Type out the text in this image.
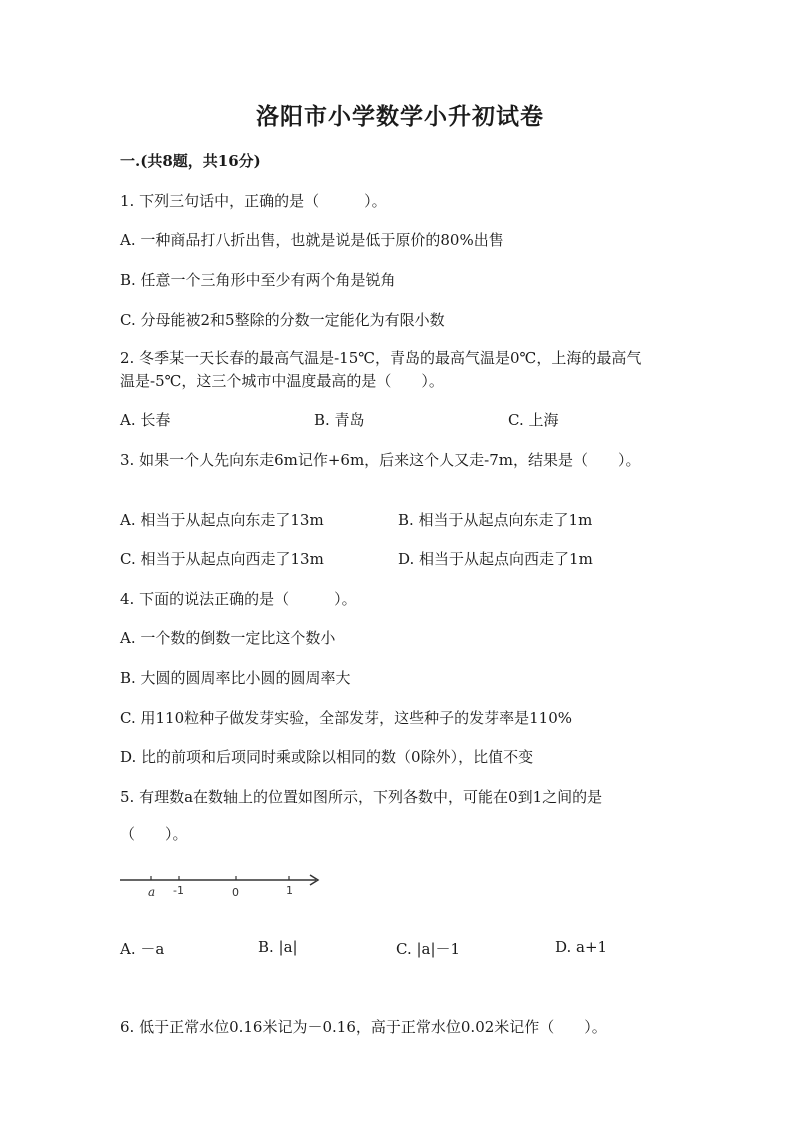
洛阳市小学数学小升初试卷
一.(共8题，共16分)
1. 下列三句话中，正确的是（　　　）。
A. 一种商品打八折出售，也就是说是低于原价的80%出售
B. 任意一个三角形中至少有两个角是锐角
C. 分母能被2和5整除的分数一定能化为有限小数
2. 冬季某一天长春的最高气温是-15℃，青岛的最高气温是0℃，上海的最高气
温是-5℃，这三个城市中温度最高的是（　　）。
A. 长春	B. 青岛	C. 上海
3. 如果一个人先向东走6m记作+6m，后来这个人又走-7m，结果是（　　）。
A. 相当于从起点向东走了13m	B. 相当于从起点向东走了1m
C. 相当于从起点向西走了13m	D. 相当于从起点向西走了1m
4. 下面的说法正确的是（　　　）。
A. 一个数的倒数一定比这个数小
B. 大圆的圆周率比小圆的圆周率大
C. 用110粒种子做发芽实验，全部发芽，这些种子的发芽率是110%
D. 比的前项和后项同时乘或除以相同的数（0除外），比值不变
5. 有理数a在数轴上的位置如图所示，下列各数中，可能在0到1之间的是
（　　）。
a -1	0	1
A. －a	B. |a|	C. |a|－1	D. a+1
6. 低于正常水位0.16米记为－0.16，高于正常水位0.02米记作（　　）。
